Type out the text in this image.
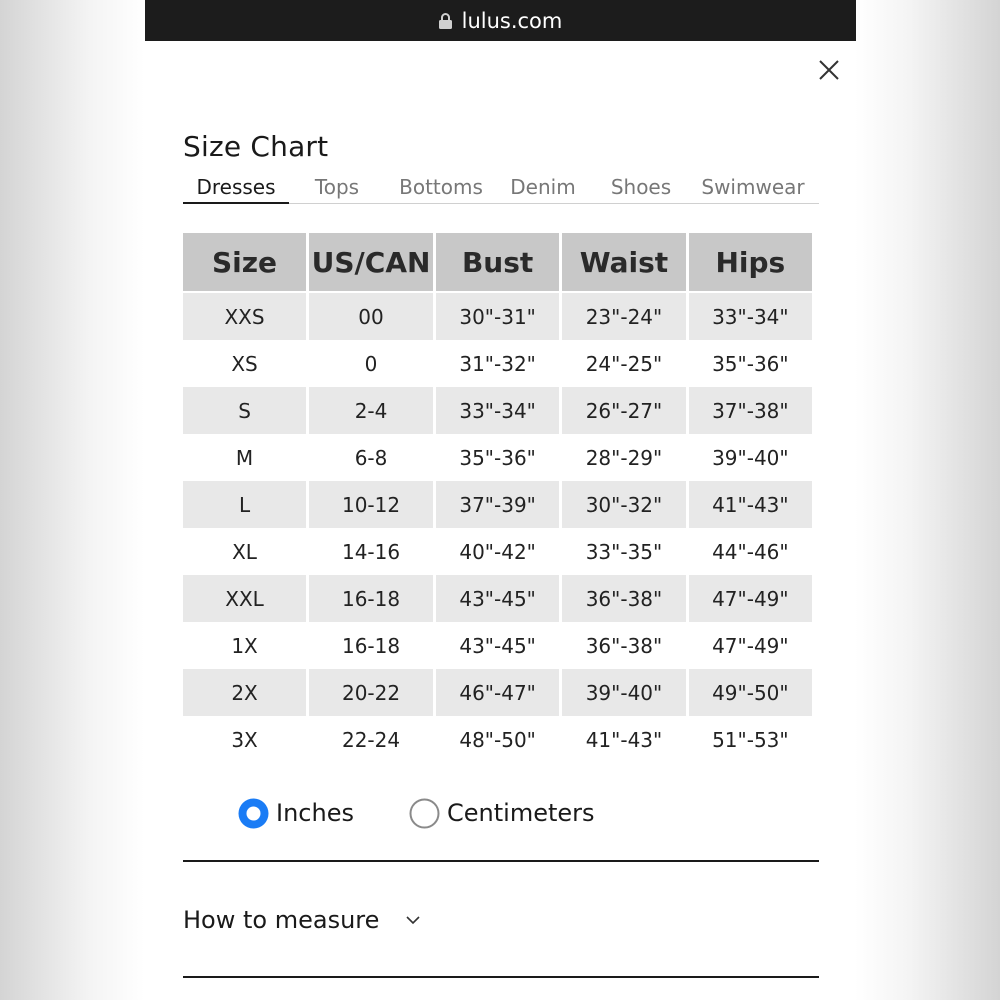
lulus.com
Size Chart
Dresses	Tops	Bottoms Denim	Shoes	Swimwear
Size	US/CAN	Bust	Waist	Hips
XXS	00	30"-31"	23"-24"	33"-34"
XS	0	31"-32"	24"-25"	35"-36"
S	2-4	33"-34"	26"-27"	37"-38"
M	6-8	35"-36"	28"-29"	39"-40"
L	10-12	37"-39"	30"-32"	41"-43"
XL	14-16	40"-42"	33"-35"	44"-46"
XXL	16-18	43"-45"	36"-38"	47"-49"
1X	16-18	43"-45"	36"-38"	47"-49"
2X	20-22	46"-47"	39"-40"	49"-50"
3X	22-24	48"-50"	41"-43"	51"-53"
Inches	Centimeters
How to measure
